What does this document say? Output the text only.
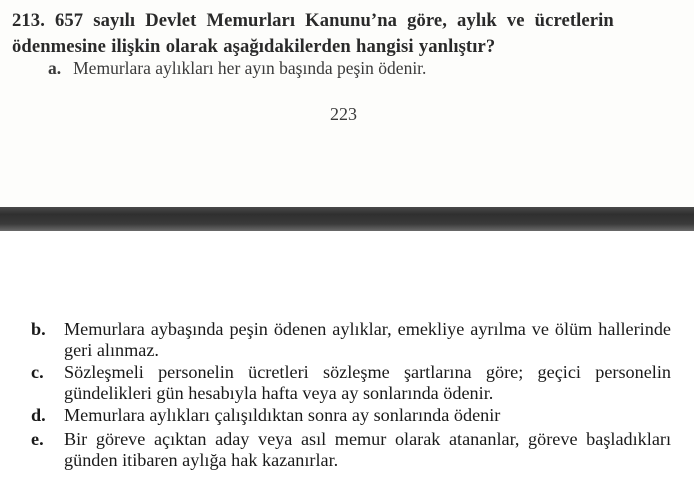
213. 657 sayılı Devlet Memurları Kanunu’na göre, aylık ve ücretlerin
ödenmesine ilişkin olarak aşağıdakilerden hangisi yanlıştır?
a. Memurlara aylıkları her ayın başında peşin ödenir.
223
b. Memurlara aybaşında peşin ödenen aylıklar, emekliye ayrılma ve ölüm hallerinde geri alınmaz.
c. Sözleşmeli personelin ücretleri sözleşme şartlarına göre; geçici personelin gündelikleri gün hesabıyla hafta veya ay sonlarında ödenir.
d. Memurlara aylıkları çalışıldıktan sonra ay sonlarında ödenir
e. Bir göreve açıktan aday veya asıl memur olarak atananlar, göreve başladıkları günden itibaren aylığa hak kazanırlar.
